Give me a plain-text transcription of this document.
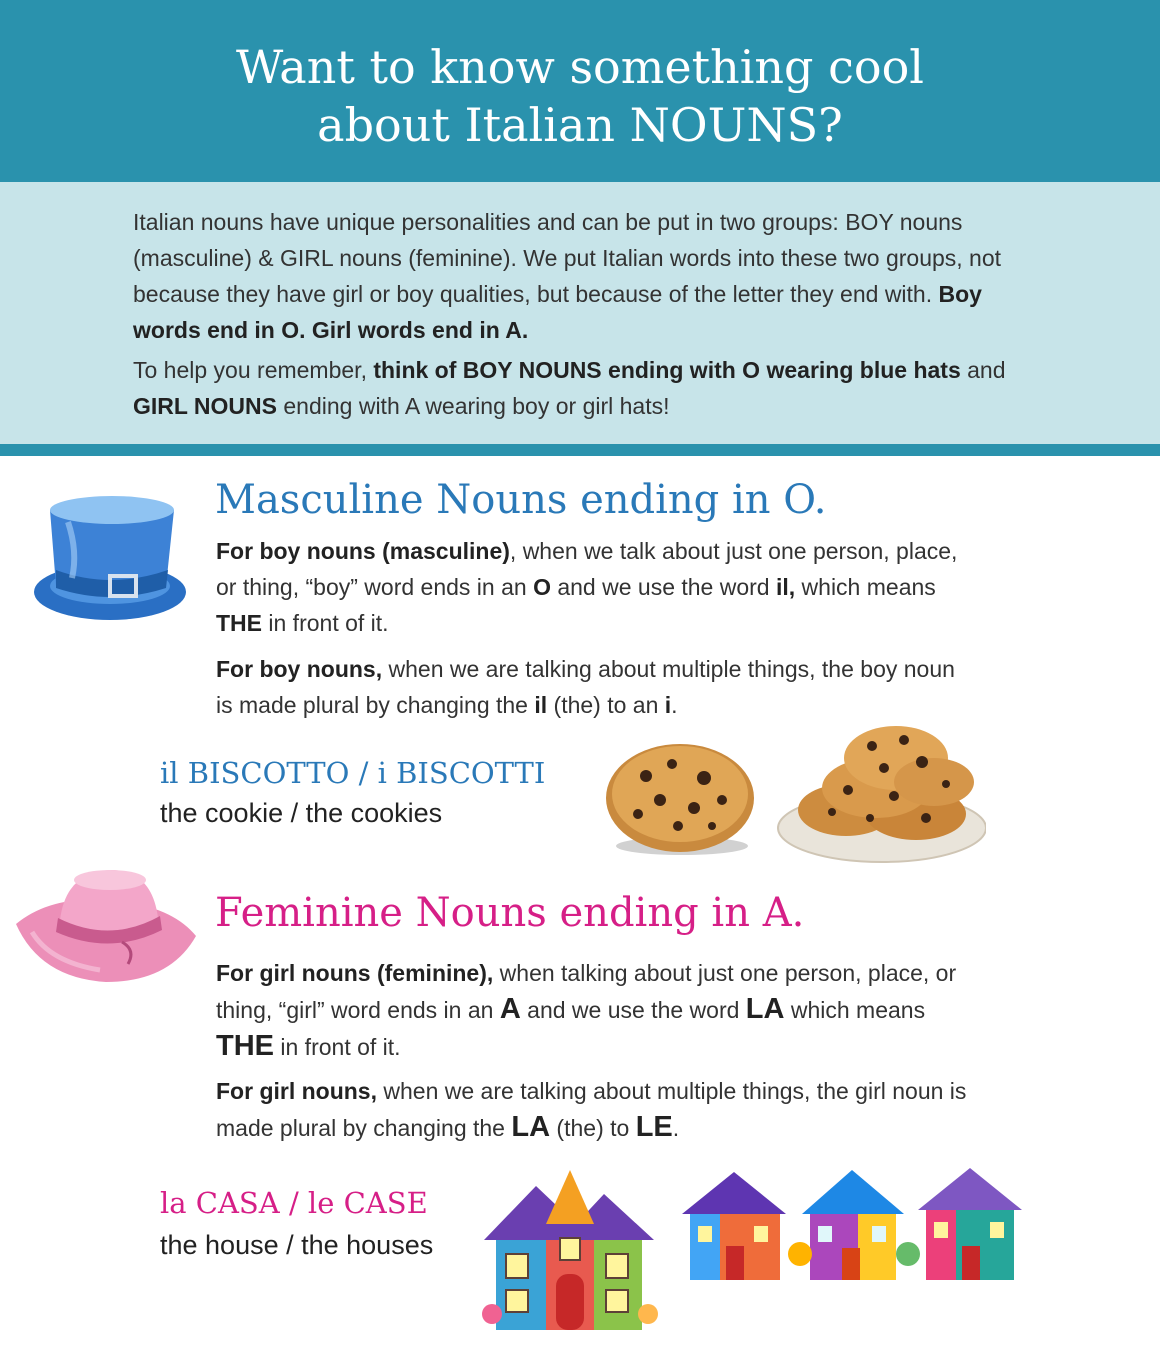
Want to know something cool
about Italian NOUNS?

Italian nouns have unique personalities and can be put in two groups: BOY nouns (masculine) & GIRL nouns (feminine). We put Italian words into these two groups, not because they have girl or boy qualities, but because of the letter they end with. Boy words end in O. Girl words end in A.

To help you remember, think of BOY NOUNS ending with O wearing blue hats and GIRL NOUNS ending with A wearing boy or girl hats!

Masculine Nouns ending in O.

For boy nouns (masculine), when we talk about just one person, place, or thing, “boy” word ends in an O and we use the word il, which means THE in front of it.

For boy nouns, when we are talking about multiple things, the boy noun is made plural by changing the il (the) to an i.

il BISCOTTO / i BISCOTTI

the cookie / the cookies

Feminine Nouns ending in A.

For girl nouns (feminine), when talking about just one person, place, or thing, “girl” word ends in an A and we use the word LA which means THE in front of it.

For girl nouns, when we are talking about multiple things, the girl noun is made plural by changing the LA (the) to LE.

la CASA / le CASE

the house / the houses
